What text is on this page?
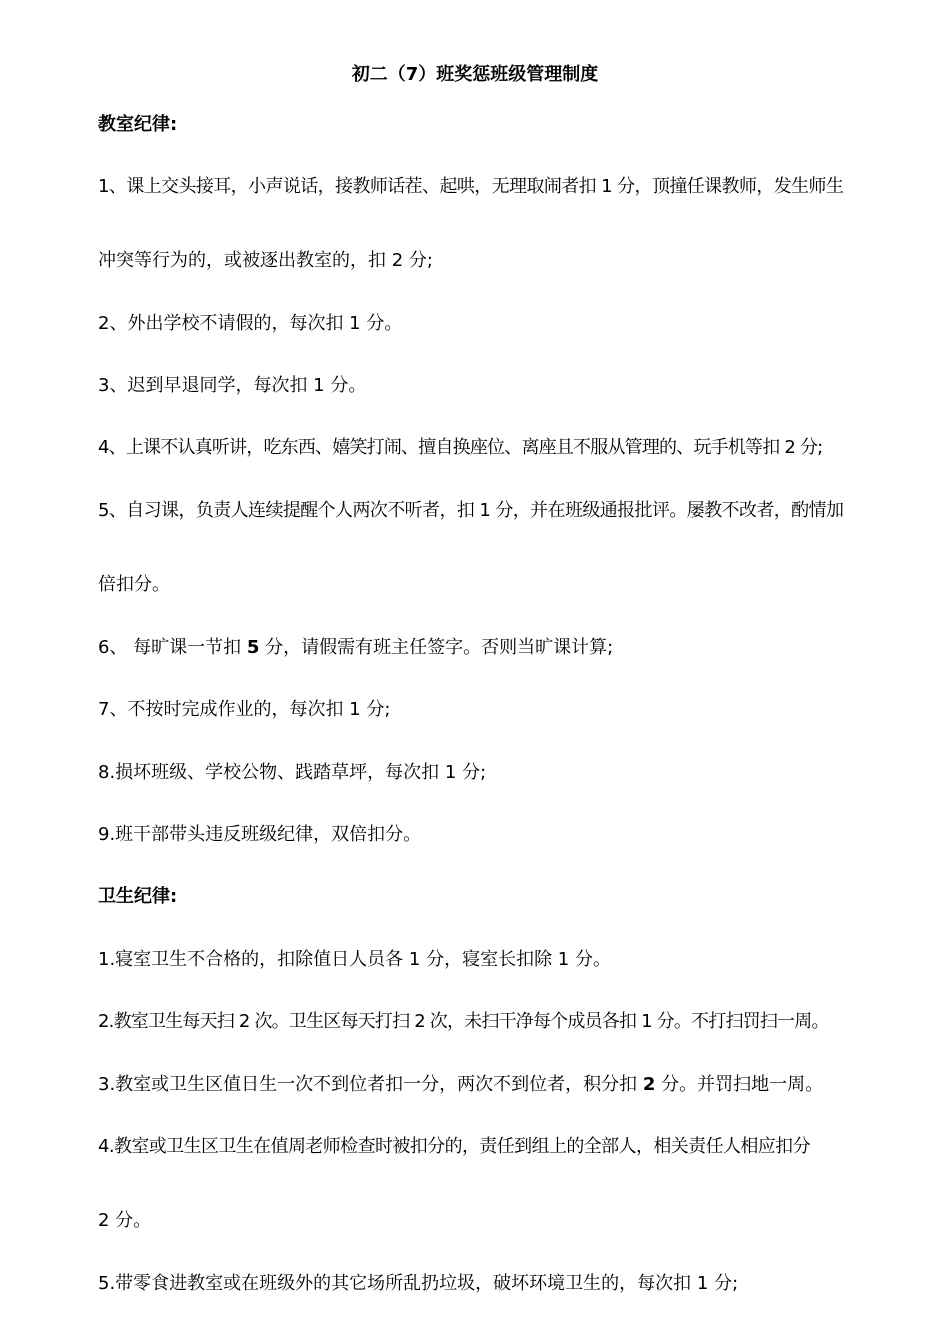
初二（7）班奖惩班级管理制度
教室纪律:
1、课上交头接耳，小声说话，接教师话茬、起哄，无理取闹者扣 1 分，顶撞任课教师，发生师生
冲突等行为的，或被逐出教室的，扣 2 分;
2、外出学校不请假的，每次扣 1 分。
3、迟到早退同学，每次扣 1 分。
4、上课不认真听讲，吃东西、嬉笑打闹、擅自换座位、离座且不服从管理的、玩手机等扣 2 分;
5、自习课，负责人连续提醒个人两次不听者，扣 1 分，并在班级通报批评。屡教不改者，酌情加
倍扣分。
6、 每旷课一节扣 5 分，请假需有班主任签字。否则当旷课计算;
7、不按时完成作业的，每次扣 1 分;
8.损坏班级、学校公物、践踏草坪，每次扣 1 分;
9.班干部带头违反班级纪律，双倍扣分。
卫生纪律:
1.寝室卫生不合格的，扣除值日人员各 1 分，寝室长扣除 1 分。
2.教室卫生每天扫 2 次。卫生区每天打扫 2 次，未扫干净每个成员各扣 1 分。不打扫罚扫一周。
3.教室或卫生区值日生一次不到位者扣一分，两次不到位者，积分扣 2 分。并罚扫地一周。
4.教室或卫生区卫生在值周老师检查时被扣分的，责任到组上的全部人，相关责任人相应扣分
2 分。
5.带零食进教室或在班级外的其它场所乱扔垃圾，破坏环境卫生的，每次扣 1 分;
